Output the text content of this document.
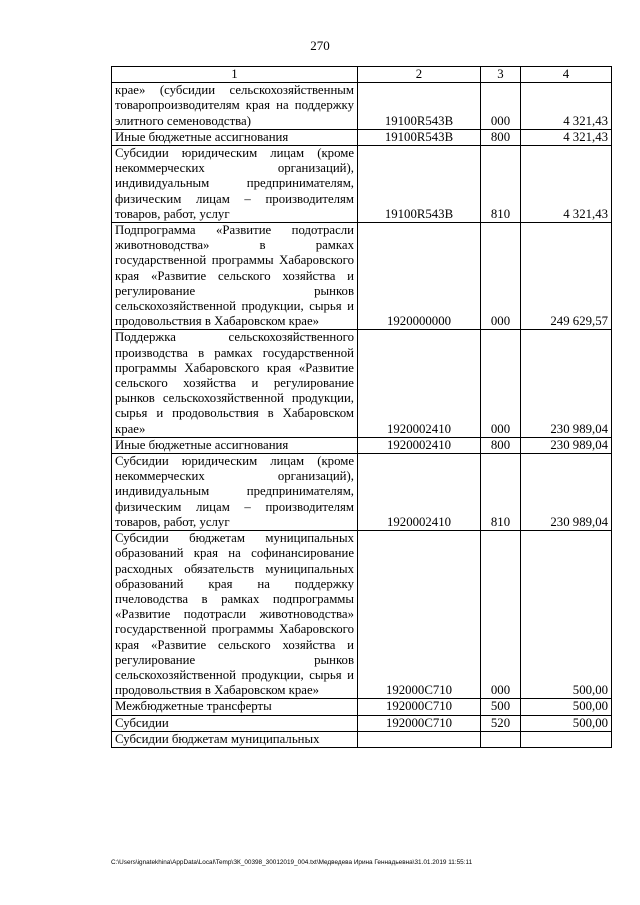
270
1	2	3	4
крае» (субсидии сельскохозяйственным товаропроизводителям края на поддержку элитного семеноводства)	19100R543B	000	4 321,43
Иные бюджетные ассигнования	19100R543B	800	4 321,43
Субсидии юридическим лицам (кроме некоммерческих организаций), индивидуальным предпринимателям, физическим лицам – производителям товаров, работ, услуг	19100R543B	810	4 321,43
Подпрограмма «Развитие подотрасли животноводства» в рамках государственной программы Хабаровского края «Развитие сельского хозяйства и регулирование рынков сельскохозяйственной продукции, сырья и продовольствия в Хабаровском крае»	1920000000	000	249 629,57
Поддержка сельскохозяйственного производства в рамках государственной программы Хабаровского края «Развитие сельского хозяйства и регулирование рынков сельскохозяйственной продукции, сырья и продовольствия в Хабаровском крае»	1920002410	000	230 989,04
Иные бюджетные ассигнования	1920002410	800	230 989,04
Субсидии юридическим лицам (кроме некоммерческих организаций), индивидуальным предпринимателям, физическим лицам – производителям товаров, работ, услуг	1920002410	810	230 989,04
Субсидии бюджетам муниципальных образований края на софинансирование расходных обязательств муниципальных образований края на поддержку пчеловодства в рамках подпрограммы «Развитие подотрасли животноводства» государственной программы Хабаровского края «Развитие сельского хозяйства и регулирование рынков сельскохозяйственной продукции, сырья и продовольствия в Хабаровском крае»	192000С710	000	500,00
Межбюджетные трансферты	192000С710	500	500,00
Субсидии	192000С710	520	500,00
Субсидии бюджетам муниципальных			
C:\Users\ignatekhina\AppData\Local\Temp\ЗК_00398_30012019_004.txt\Медведева Ирина Геннадьевна\31.01.2019 11:55:11
